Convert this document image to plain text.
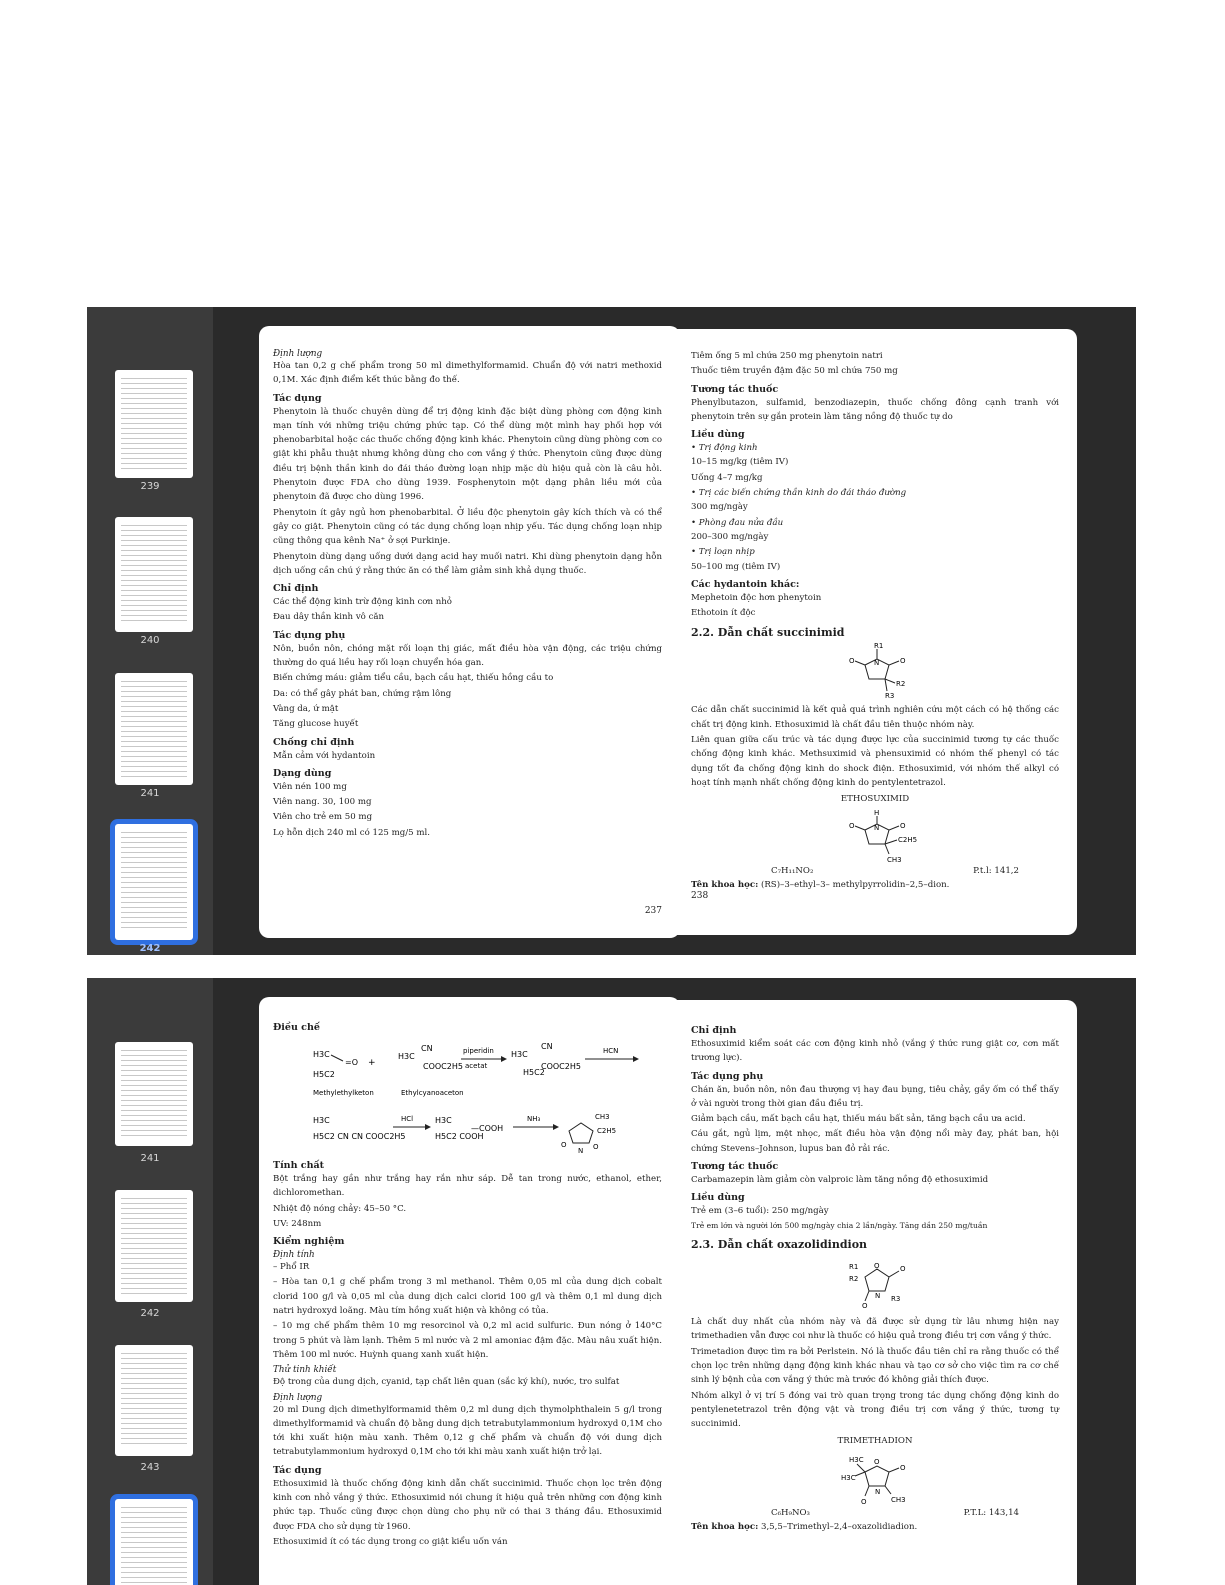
239
240
241
242
Định lượng
Hòa tan 0,2 g chế phẩm trong 50 ml dimethylformamid. Chuẩn độ với natri methoxid 0,1M. Xác định điểm kết thúc bằng đo thế.
Tác dụng
Phenytoin là thuốc chuyên dùng để trị động kinh đặc biệt dùng phòng cơn động kinh mạn tính với những triệu chứng phức tạp. Có thể dùng một mình hay phối hợp với phenobarbital hoặc các thuốc chống động kinh khác. Phenytoin cũng dùng phòng cơn co giật khi phẫu thuật nhưng không dùng cho cơn vắng ý thức. Phenytoin cũng được dùng điều trị bệnh thần kinh do đái tháo đường loạn nhịp mặc dù hiệu quả còn là câu hỏi. Phenytoin được FDA cho dùng 1939. Fosphenytoin một dạng phân liều mới của phenytoin đã được cho dùng 1996.
Phenytoin ít gây ngủ hơn phenobarbital. Ở liều độc phenytoin gây kích thích và có thể gây co giật. Phenytoin cũng có tác dụng chống loạn nhịp yếu. Tác dụng chống loạn nhịp cũng thông qua kênh Na⁺ ở sợi Purkinje.
Phenytoin dùng dạng uống dưới dạng acid hay muối natri. Khi dùng phenytoin dạng hỗn dịch uống cần chú ý rằng thức ăn có thể làm giảm sinh khả dụng thuốc.
Chỉ định
Các thể động kinh trừ động kinh cơn nhỏ
Đau dây thần kinh vô căn
Tác dụng phụ
Nôn, buồn nôn, chóng mặt rối loạn thị giác, mất điều hòa vận động, các triệu chứng thường do quá liều hay rối loạn chuyển hóa gan.
Biến chứng máu: giảm tiểu cầu, bạch cầu hạt, thiếu hồng cầu to
Da: có thể gây phát ban, chứng rậm lông
Vàng da, ứ mật
Tăng glucose huyết
Chống chỉ định
Mẫn cảm với hydantoin
Dạng dùng
Viên nén 100 mg
Viên nang. 30, 100 mg
Viên cho trẻ em 50 mg
Lọ hỗn dịch 240 ml có 125 mg/5 ml.
237
Tiêm ống 5 ml chứa 250 mg phenytoin natri
Thuốc tiêm truyền đậm đặc 50 ml chứa 750 mg
Tương tác thuốc
Phenylbutazon, sulfamid, benzodiazepin, thuốc chống đông cạnh tranh với phenytoin trên sự gắn protein làm tăng nồng độ thuốc tự do
Liều dùng
• Trị động kinh
10–15 mg/kg (tiêm IV)
Uống 4–7 mg/kg
• Trị các biến chứng thần kinh do đái tháo đường
300 mg/ngày
• Phòng đau nửa đầu
200–300 mg/ngày
• Trị loạn nhịp
50–100 mg (tiêm IV)
Các hydantoin khác:
Mephetoin độc hơn phenytoin
Ethotoin ít độc
2.2. Dẫn chất succinimid
R1
O	O
N
R2
R3
Các dẫn chất succinimid là kết quả quá trình nghiên cứu một cách có hệ thống các chất trị động kinh. Ethosuximid là chất đầu tiên thuộc nhóm này.
Liên quan giữa cấu trúc và tác dụng được lực của succinimid tương tự các thuốc chống động kinh khác. Methsuximid và phensuximid có nhóm thế phenyl có tác dụng tốt đa chống động kinh do shock điện. Ethosuximid, với nhóm thế alkyl có hoạt tính mạnh nhất chống động kinh do pentylentetrazol.
ETHOSUXIMID
H
O	O
N
C2H5
CH3
C₇H₁₁NO₂	P.t.l: 141,2
Tên khoa học: (RS)–3–ethyl–3– methylpyrrolidin–2,5–dion.
238
241
242
243
Điều chế
H3C
=O
H5C2
+
H3C
CN
COOC2H5
piperidin
acetat
H3C
CN
COOC2H5
H5C2
HCN
Methylethylketon	Ethylcyanoaceton
H3C
H5C2 CN CN COOC2H5
HCl	H3C
H5C2 COOH
—COOH
NH₃	CH3
C2H5
O
N O
Tính chất
Bột trắng hay gần như trắng hay rắn như sáp. Dễ tan trong nước, ethanol, ether, dichloromethan.
Nhiệt độ nóng chảy: 45–50 °C.
UV: 248nm
Kiểm nghiệm
Định tính
– Phổ IR
– Hòa tan 0,1 g chế phẩm trong 3 ml methanol. Thêm 0,05 ml của dung dịch cobalt clorid 100 g/l và 0,05 ml của dung dịch calci clorid 100 g/l và thêm 0,1 ml dung dịch natri hydroxyd loãng. Màu tím hồng xuất hiện và không có tủa.
– 10 mg chế phẩm thêm 10 mg resorcinol và 0,2 ml acid sulfuric. Đun nóng ở 140°C trong 5 phút và làm lạnh. Thêm 5 ml nước và 2 ml amoniac đậm đặc. Màu nâu xuất hiện. Thêm 100 ml nước. Huỳnh quang xanh xuất hiện.
Thử tinh khiết
Độ trong của dung dịch, cyanid, tạp chất liên quan (sắc ký khí), nước, tro sulfat
Định lượng
20 ml Dung dịch dimethylformamid thêm 0,2 ml dung dịch thymolphthalein 5 g/l trong dimethylformamid và chuẩn độ bằng dung dịch tetrabutylammonium hydroxyd 0,1M cho tới khi xuất hiện màu xanh. Thêm 0,12 g chế phẩm và chuẩn độ với dung dịch tetrabutylammonium hydroxyd 0,1M cho tới khi màu xanh xuất hiện trở lại.
Tác dụng
Ethosuximid là thuốc chống động kinh dẫn chất succinimid. Thuốc chọn lọc trên động kinh cơn nhỏ vắng ý thức. Ethosuximid nói chung ít hiệu quả trên những cơn động kinh phức tạp. Thuốc cũng được chọn dùng cho phụ nữ có thai 3 tháng đầu. Ethosuximid được FDA cho sử dụng từ 1960.
Ethosuximid ít có tác dụng trong co giật kiểu uốn ván
Chỉ định
Ethosuximid kiểm soát các cơn động kinh nhỏ (vắng ý thức rung giật cơ, cơn mất trương lực).
Tác dụng phụ
Chán ăn, buồn nôn, nôn đau thượng vị hay đau bụng, tiêu chảy, gầy ốm có thể thấy ở vài người trong thời gian đầu điều trị.
Giảm bạch cầu, mất bạch cầu hạt, thiếu máu bất sản, tăng bạch cầu ưa acid.
Cáu gắt, ngủ lịm, mệt nhọc, mất điều hòa vận động nổi mày đay, phát ban, hội chứng Stevens–Johnson, lupus ban đỏ rải rác.
Tương tác thuốc
Carbamazepin làm giảm còn valproic làm tăng nồng độ ethosuximid
Liều dùng
Trẻ em (3–6 tuổi): 250 mg/ngày
Trẻ em lớn và người lớn 500 mg/ngày chia 2 lần/ngày. Tăng dần 250 mg/tuần
2.3. Dẫn chất oxazolidindion
R1
R2
O	O
O
N R3
Là chất duy nhất của nhóm này và đã được sử dụng từ lâu nhưng hiện nay trimethadien vẫn được coi như là thuốc có hiệu quả trong điều trị cơn vắng ý thức.
Trimetadion được tìm ra bởi Perlstein. Nó là thuốc đầu tiên chỉ ra rằng thuốc có thể chọn lọc trên những dạng động kinh khác nhau và tạo cơ sở cho việc tìm ra cơ chế sinh lý bệnh của cơn vắng ý thức mà trước đó không giải thích được.
Nhóm alkyl ở vị trí 5 đóng vai trò quan trọng trong tác dụng chống động kinh do pentylenetetrazol trên động vật và trong điều trị cơn vắng ý thức, tương tự succinimid.
TRIMETHADION
H3C
H3C
O
O
O
N
CH3
C₆H₉NO₃	P.T.L: 143,14
Tên khoa học: 3,5,5–Trimethyl–2,4–oxazolidiadion.
